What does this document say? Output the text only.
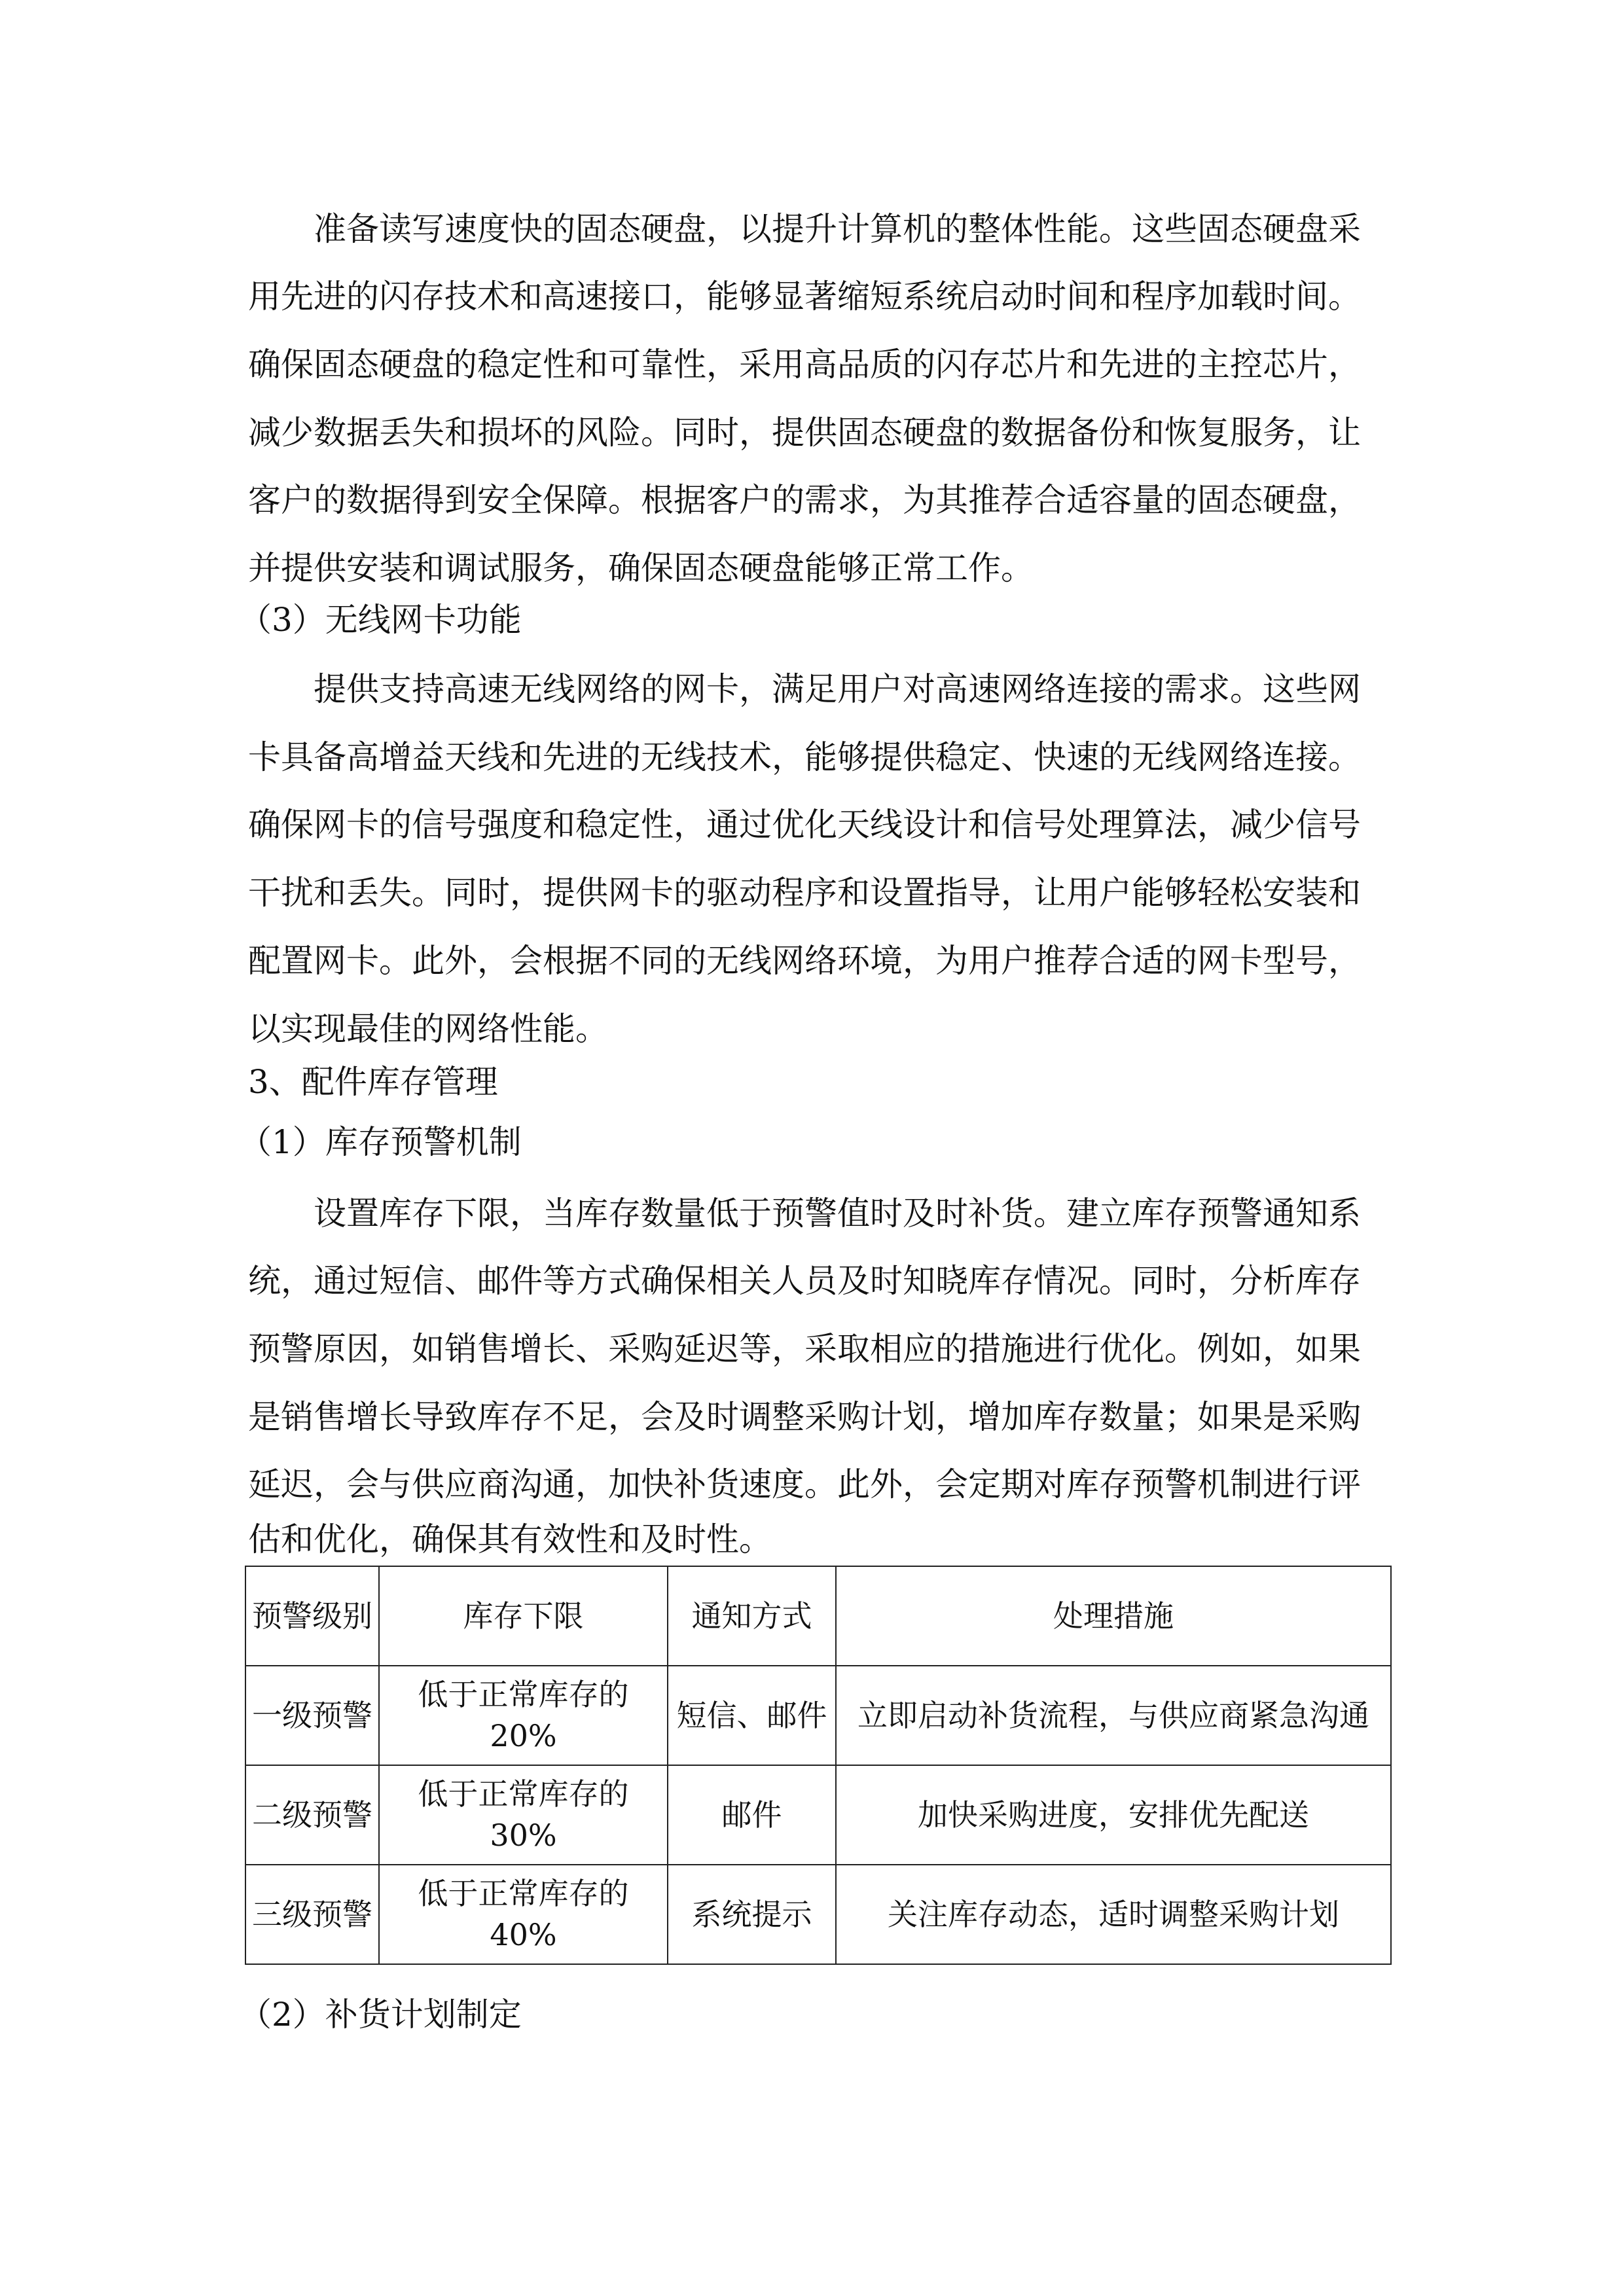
准备读写速度快的固态硬盘，以提升计算机的整体性能。这些固态硬盘采
用先进的闪存技术和高速接口，能够显著缩短系统启动时间和程序加载时间。
确保固态硬盘的稳定性和可靠性，采用高品质的闪存芯片和先进的主控芯片，
减少数据丢失和损坏的风险。同时，提供固态硬盘的数据备份和恢复服务，让
客户的数据得到安全保障。根据客户的需求，为其推荐合适容量的固态硬盘，
并提供安装和调试服务，确保固态硬盘能够正常工作。
（3）无线网卡功能
提供支持高速无线网络的网卡，满足用户对高速网络连接的需求。这些网
卡具备高增益天线和先进的无线技术，能够提供稳定、快速的无线网络连接。
确保网卡的信号强度和稳定性，通过优化天线设计和信号处理算法，减少信号
干扰和丢失。同时，提供网卡的驱动程序和设置指导，让用户能够轻松安装和
配置网卡。此外，会根据不同的无线网络环境，为用户推荐合适的网卡型号，
以实现最佳的网络性能。
3、配件库存管理
（1）库存预警机制
设置库存下限，当库存数量低于预警值时及时补货。建立库存预警通知系
统，通过短信、邮件等方式确保相关人员及时知晓库存情况。同时，分析库存
预警原因，如销售增长、采购延迟等，采取相应的措施进行优化。例如，如果
是销售增长导致库存不足，会及时调整采购计划，增加库存数量；如果是采购
延迟，会与供应商沟通，加快补货速度。此外，会定期对库存预警机制进行评
估和优化，确保其有效性和及时性。
预警级别	库存下限	通知方式	处理措施
一级预警	低于正常库存的20%	短信、邮件	立即启动补货流程，与供应商紧急沟通
二级预警	低于正常库存的30%	邮件	加快采购进度，安排优先配送
三级预警	低于正常库存的40%	系统提示	关注库存动态，适时调整采购计划
（2）补货计划制定
